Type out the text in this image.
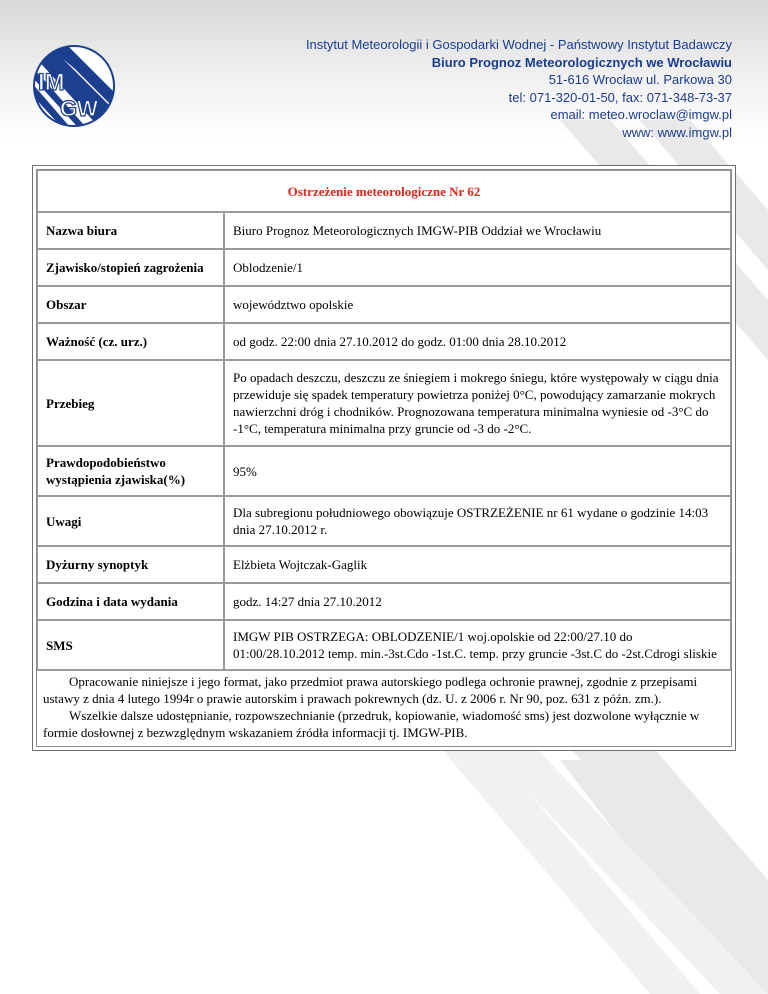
IM
GW
Instytut Meteorologii i Gospodarki Wodnej - Państwowy Instytut Badawczy
Biuro Prognoz Meteorologicznych we Wrocławiu
51-616 Wrocław ul. Parkowa 30
tel: 071-320-01-50, fax: 071-348-73-37
email: meteo.wroclaw@imgw.pl
www: www.imgw.pl
Ostrzeżenie meteorologiczne Nr 62	
Nazwa biura	Biuro Prognoz Meteorologicznych IMGW-PIB Oddział we Wrocławiu
Zjawisko/stopień zagrożenia	Oblodzenie/1
Obszar	województwo opolskie
Ważność (cz. urz.)	od godz. 22:00 dnia 27.10.2012 do godz. 01:00 dnia 28.10.2012
Przebieg	Po opadach deszczu, deszczu ze śniegiem i mokrego śniegu, które występowały w ciągu dnia przewiduje się spadek temperatury powietrza poniżej 0°C, powodujący zamarzanie mokrych nawierzchni dróg i chodników. Prognozowana temperatura minimalna wyniesie od -3°C do -1°C, temperatura minimalna przy gruncie od -3 do -2°C.
Prawdopodobieństwo wystąpienia zjawiska(%)	95%
Uwagi	Dla subregionu południowego obowiązuje OSTRZEŻENIE nr 61 wydane o godzinie 14:03 dnia 27.10.2012 r.
Dyżurny synoptyk	Elżbieta Wojtczak-Gaglik
Godzina i data wydania	godz. 14:27 dnia 27.10.2012
SMS	IMGW PIB OSTRZEGA: OBLODZENIE/1 woj.opolskie od 22:00/27.10 do 01:00/28.10.2012 temp. min.-3st.Cdo -1st.C. temp. przy gruncie -3st.C do -2st.Cdrogi sliskie

Opracowanie niniejsze i jego format, jako przedmiot prawa autorskiego podlega ochronie prawnej, zgodnie z przepisami ustawy z dnia 4 lutego 1994r o prawie autorskim i prawach pokrewnych (dz. U. z 2006 r. Nr 90, poz. 631 z późn. zm.).

Wszelkie dalsze udostępnianie, rozpowszechnianie (przedruk, kopiowanie, wiadomość sms) jest dozwolone wyłącznie w formie dosłownej z bezwzględnym wskazaniem źródła informacji tj. IMGW-PIB.
